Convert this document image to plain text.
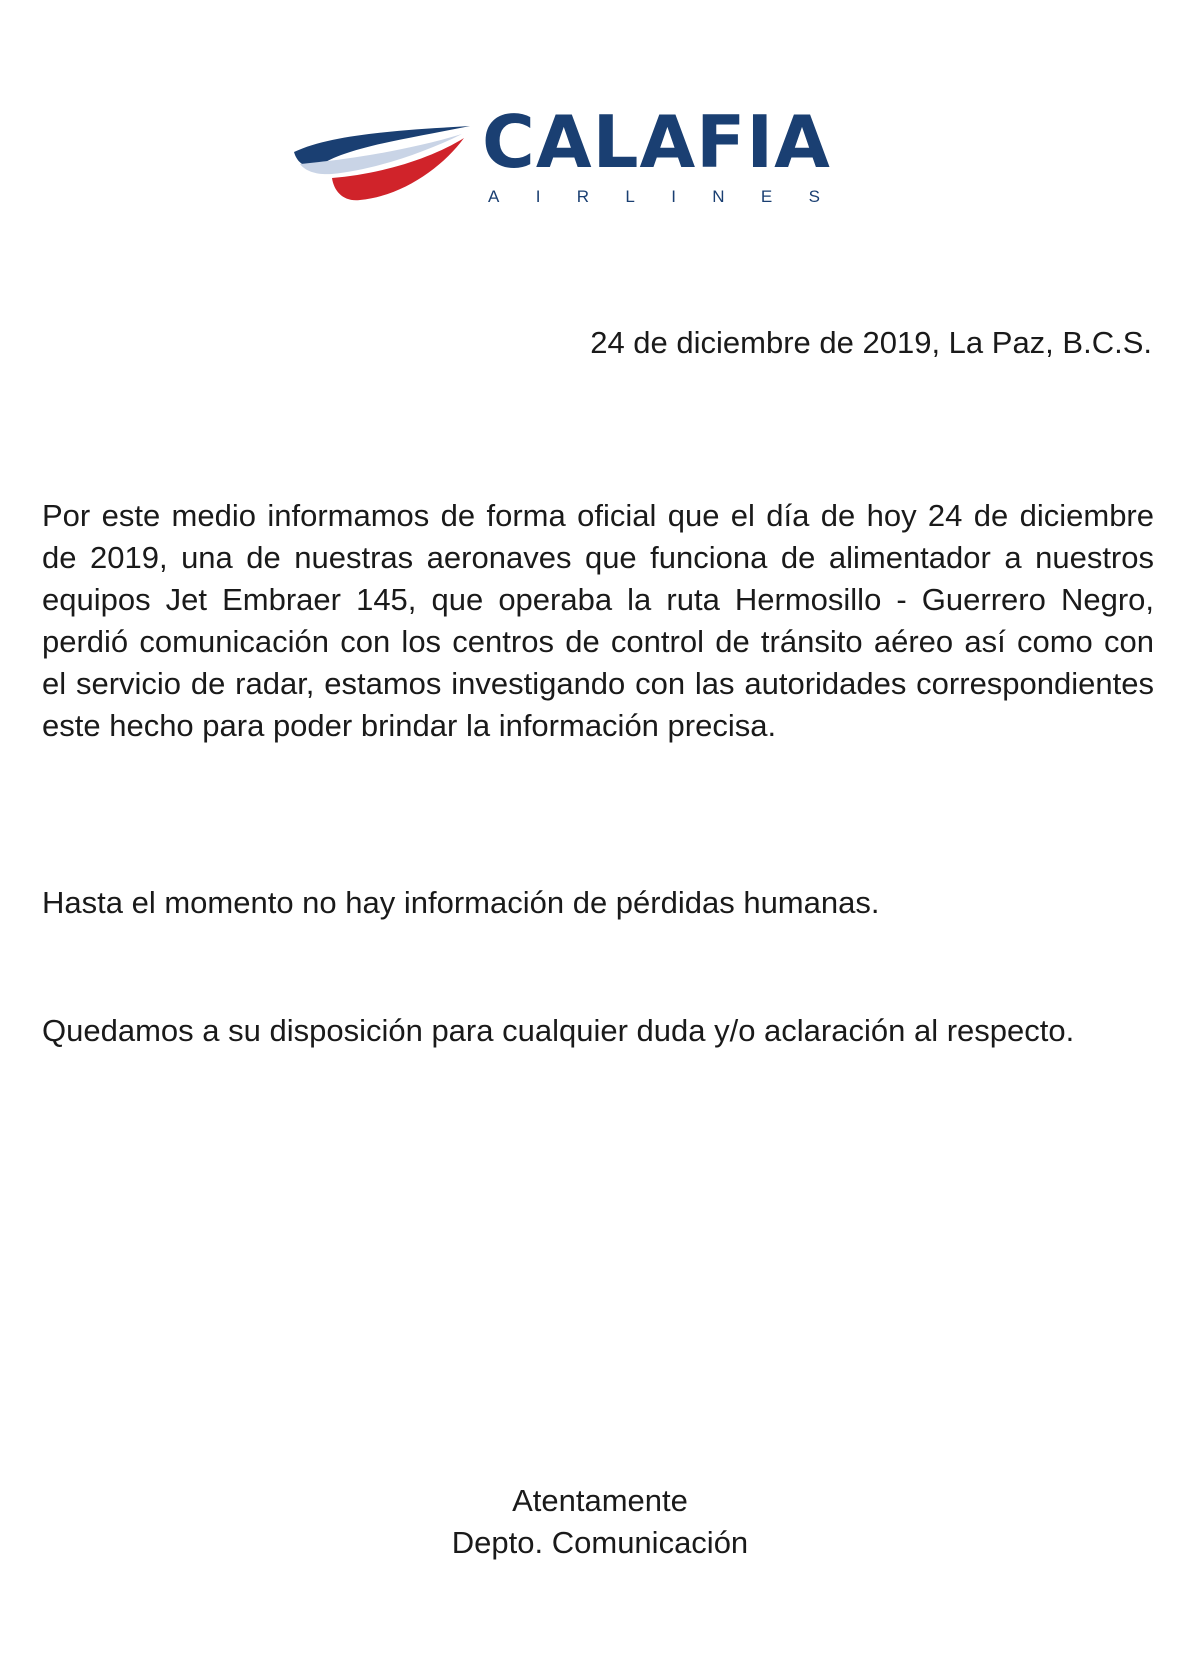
CALAFIA
A I R L I N E S
24 de diciembre de 2019, La Paz, B.C.S.

Por este medio informamos de forma oficial que el día de hoy 24 de diciembre de 2019, una de nuestras aeronaves que funciona de alimentador a nuestros equipos Jet Embraer 145, que operaba la ruta Hermosillo - Guerrero Negro, perdió comunicación con los centros de control de tránsito aéreo así como con el servicio de radar, estamos investigando con las autoridades correspondientes este hecho para poder brindar la información precisa.

Hasta el momento no hay información de pérdidas humanas.

Quedamos a su disposición para cualquier duda y/o aclaración al respecto.

Atentamente
Depto. Comunicación
